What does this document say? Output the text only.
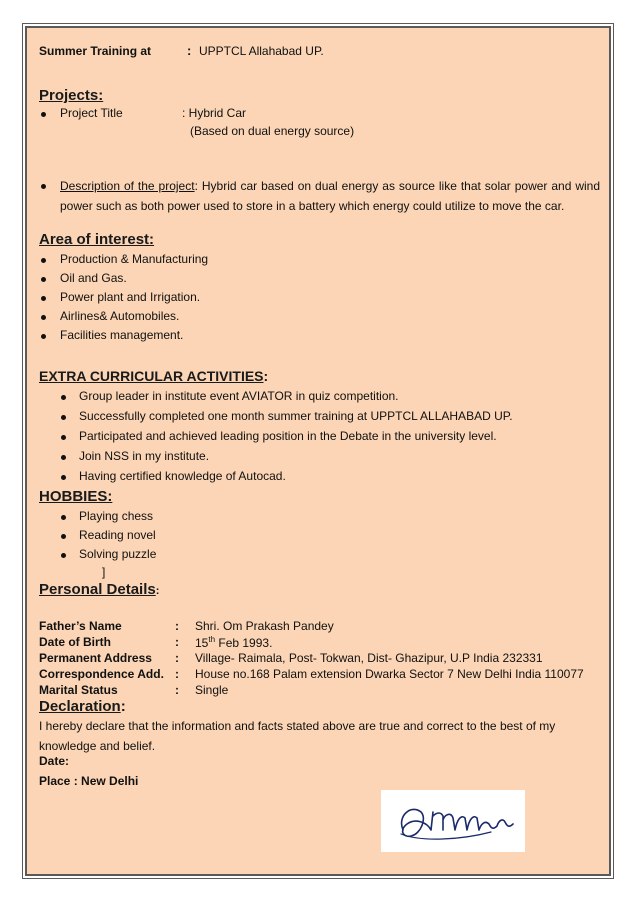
Summer Training at	: UPPTCL Allahabad UP.
Projects:
Project Title	: Hybrid Car
(Based on dual energy source)
Description of the project: Hybrid car based on dual energy as source like that solar power and wind power such as both power used to store in a battery which energy could utilize to move the car.
Area of interest:
Production & Manufacturing
Oil and Gas.
Power plant and Irrigation.
Airlines& Automobiles.
Facilities management.
EXTRA CURRICULAR ACTIVITIES:
Group leader in institute event AVIATOR in quiz competition.
Successfully completed one month summer training at UPPTCL ALLAHABAD UP.
Participated and achieved leading position in the Debate in the university level.
Join NSS in my institute.
Having certified knowledge of Autocad.
HOBBIES:
Playing chess
Reading novel
Solving puzzle
]
Personal Details:
Father’s Name	: Shri. Om Prakash Pandey
Date of Birth	: 15th Feb 1993.
Permanent Address : Village- Raimala, Post- Tokwan, Dist- Ghazipur, U.P India 232331
Correspondence Add. : House no.168 Palam extension Dwarka Sector 7 New Delhi India 110077
Marital Status	: Single
Declaration:
I hereby declare that the information and facts stated above are true and correct to the best of my knowledge and belief.
Date:
Place : New Delhi
